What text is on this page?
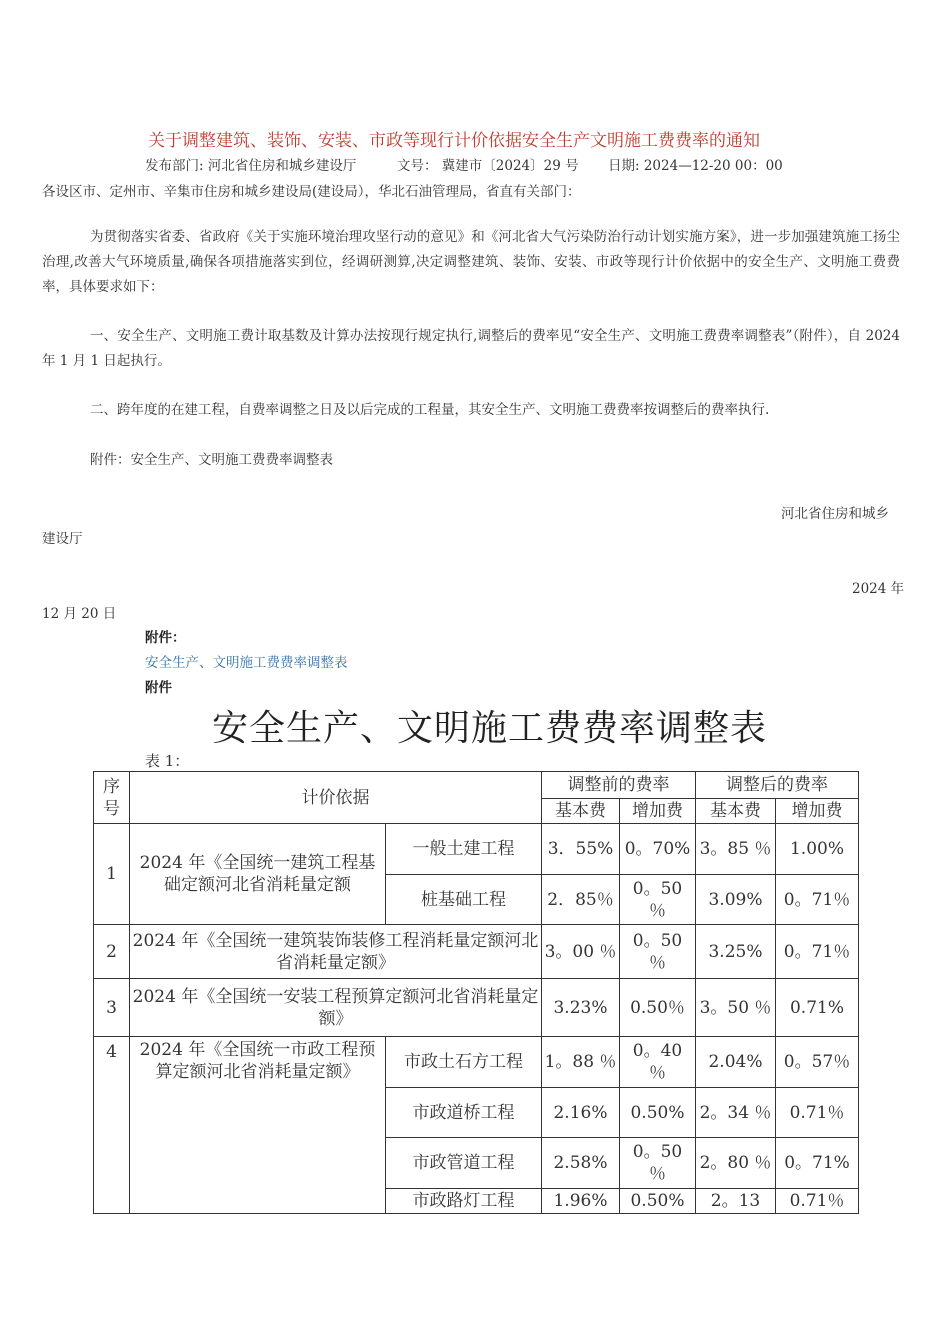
关于调整建筑、装饰、安装、市政等现行计价依据安全生产文明施工费费率的通知
发布部门: 河北省住房和城乡建设厅	文号： 冀建市〔2024〕29 号 日期: 2024—12-20 00：00
各设区市、定州市、辛集市住房和城乡建设局(建设局），华北石油管理局，省直有关部门：
为贯彻落实省委、省政府《关于实施环境治理攻坚行动的意见》和《河北省大气污染防治行动计划实施方案》，进一步加强建筑施工扬尘治理,改善大气环境质量,确保各项措施落实到位，经调研测算,决定调整建筑、装饰、安装、市政等现行计价依据中的安全生产、文明施工费费率，具体要求如下：
一、安全生产、文明施工费计取基数及计算办法按现行规定执行,调整后的费率见“安全生产、文明施工费费率调整表”（附件），自 2024 年 1 月 1 日起执行。
二、跨年度的在建工程，自费率调整之日及以后完成的工程量，其安全生产、文明施工费费率按调整后的费率执行.
附件：安全生产、文明施工费费率调整表
河北省住房和城乡
建设厅
2024 年
12 月 20 日
附件：
安全生产、文明施工费费率调整表
附件
安全生产、文明施工费费率调整表
表 1：
序号	计价依据		调整前的费率		调整后的费率	
			基本费	增加费	基本费	增加费
1	2024 年《全国统一建筑工程基础定额河北省消耗量定额	一般土建工程	3．55%	0。70%	3。85 ％	1.00%
		桩基础工程	2．85％	0。50 ％	3.09%	0。71％
2	2024 年《全国统一建筑装饰装修工程消耗量定额河北省消耗量定额》		3。00 ％	0。50 ％	3.25%	0。71％
3	2024 年《全国统一安装工程预算定额河北省消耗量定额》		3.23%	0.50％	3。50 ％	0.71%
4	2024 年《全国统一市政工程预算定额河北省消耗量定额》	市政土石方工程	1。88 ％	0。40 ％	2.04%	0。57％
		市政道桥工程	2.16%	0.50%	2。34 ％	0.71％
		市政管道工程	2.58%	0。50 ％	2。80 ％	0。71%
		市政路灯工程	1.96%	0.50%	2。13	0.71％
